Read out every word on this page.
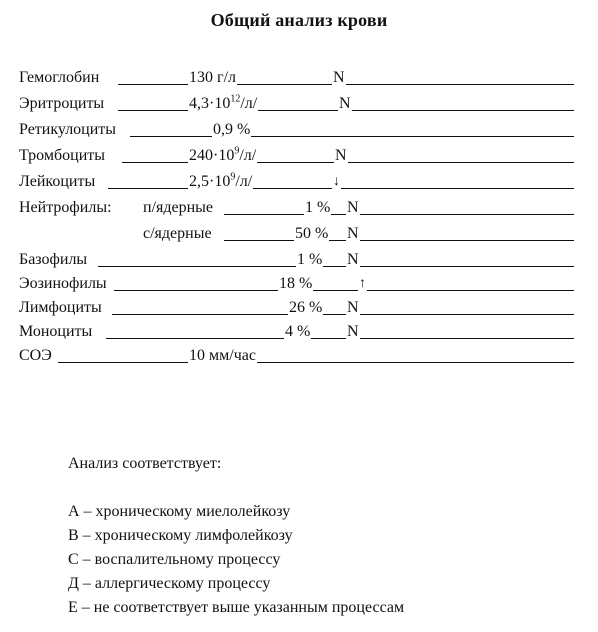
Общий анализ крови
Гемоглобин	130 г/л	N
Эритроциты	$4,3\cdot 10^{12}/л/$	N
Ретикулоциты	0,9 %
Тромбоциты	$240\cdot 10^9/л/$	N
Лейкоциты	$2,5\cdot 10^9/л/$	↓
Нейтрофилы: п/ядерные	1 % N
с/ядерные	50 % N
Базофилы	1 % N
Эозинофилы	18 %	↑
Лимфоциты	26 % N
Моноциты	4 % N
СОЭ	10 мм/час
Анализ соответствует:
А – хроническому миелолейкозу
В – хроническому лимфолейкозу
С – воспалительному процессу
Д – аллергическому процессу
Е – не соответствует выше указанным процессам
